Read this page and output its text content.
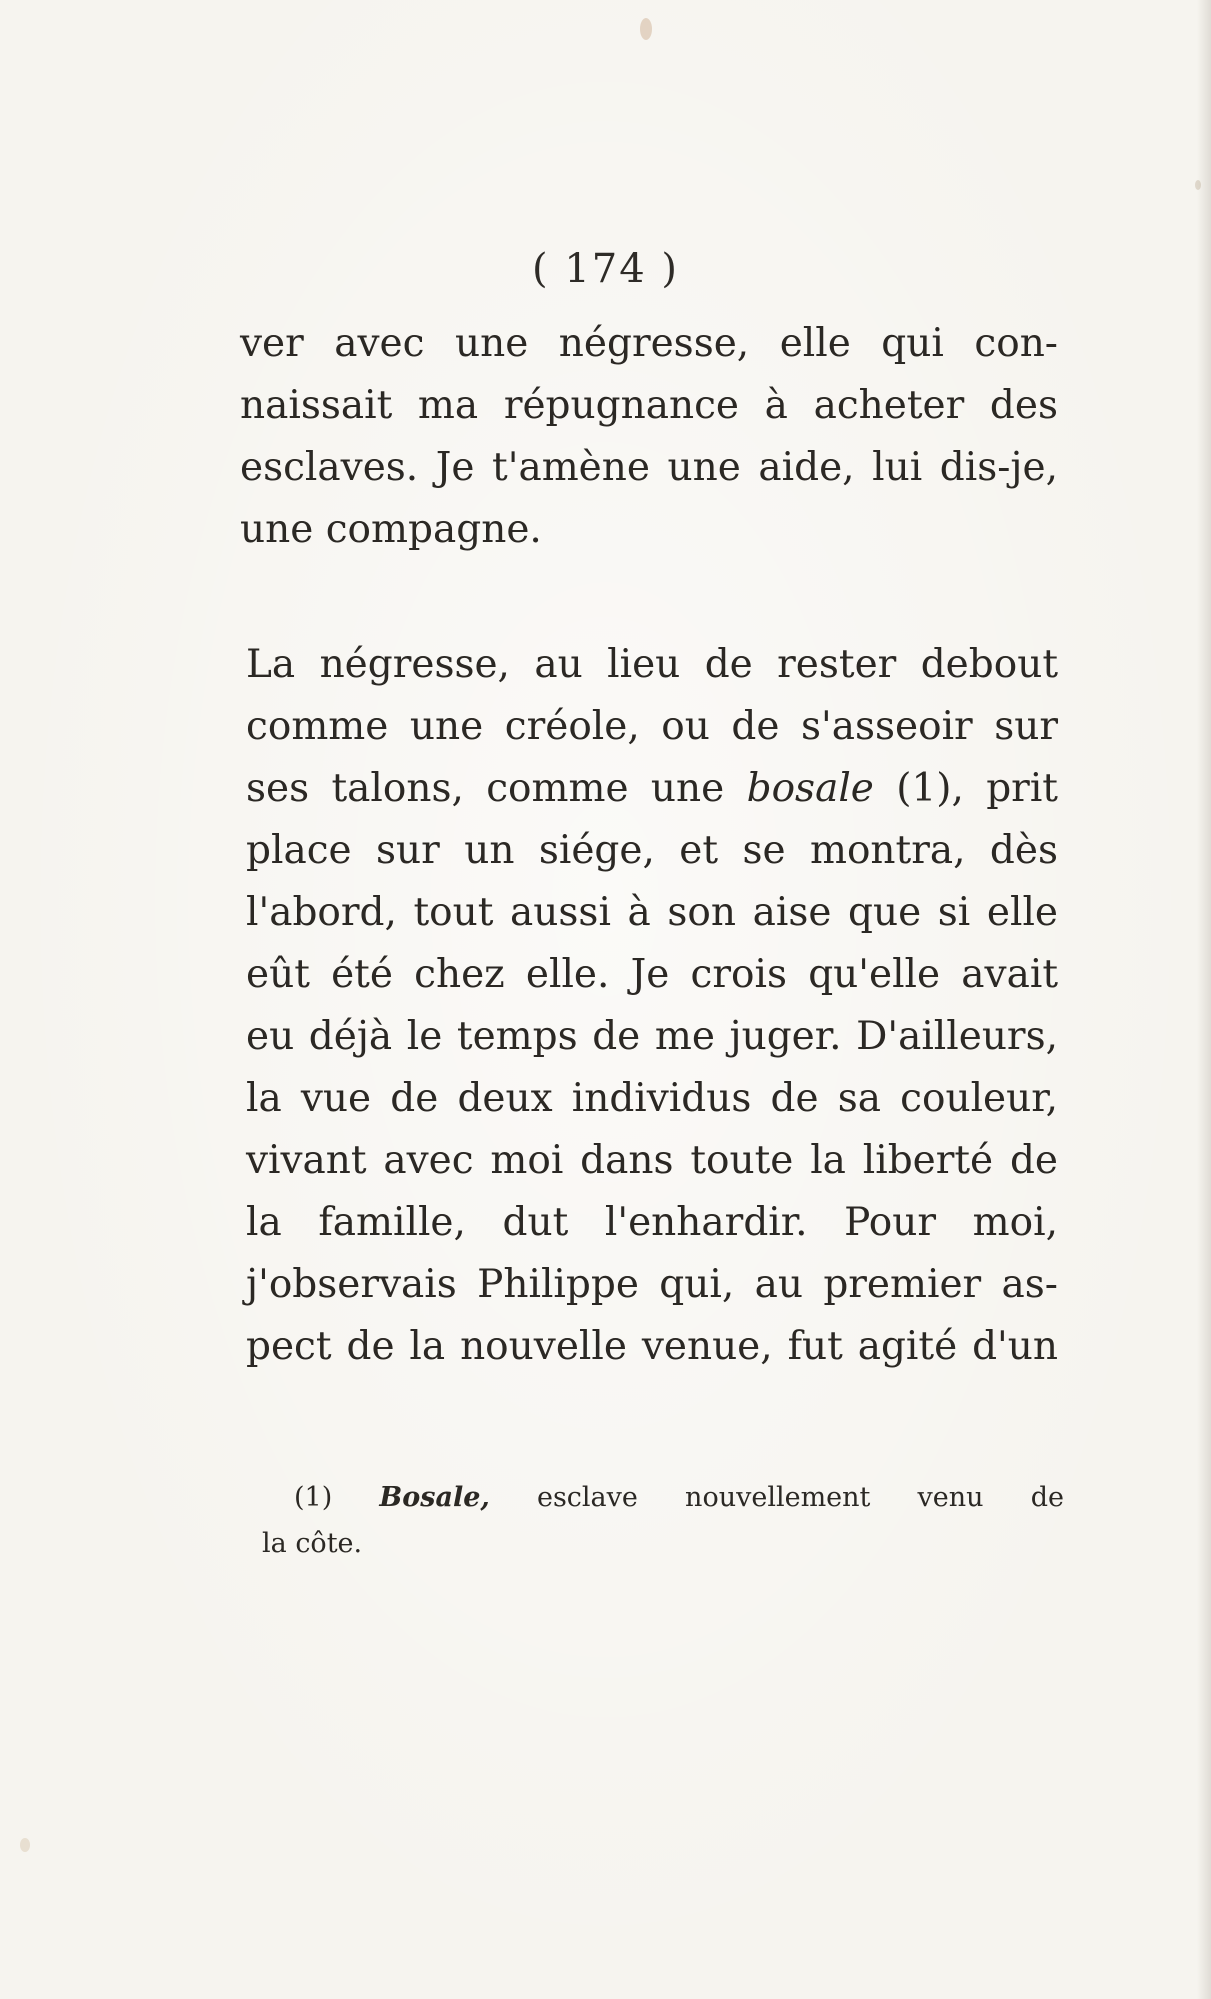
( 174 )
ver avec une négresse, elle qui con-
naissait ma répugnance à acheter des
esclaves. Je t'amène une aide, lui dis-je,
une compagne.
La négresse, au lieu de rester debout
comme une créole, ou de s'asseoir sur
ses talons, comme une bosale (1), prit
place sur un siége, et se montra, dès
l'abord, tout aussi à son aise que si elle
eût été chez elle. Je crois qu'elle avait
eu déjà le temps de me juger. D'ailleurs,
la vue de deux individus de sa couleur,
vivant avec moi dans toute la liberté de
la famille, dut l'enhardir. Pour moi,
j'observais Philippe qui, au premier as-
pect de la nouvelle venue, fut agité d'un
(1) Bosale, esclave nouvellement venu de
la côte.
